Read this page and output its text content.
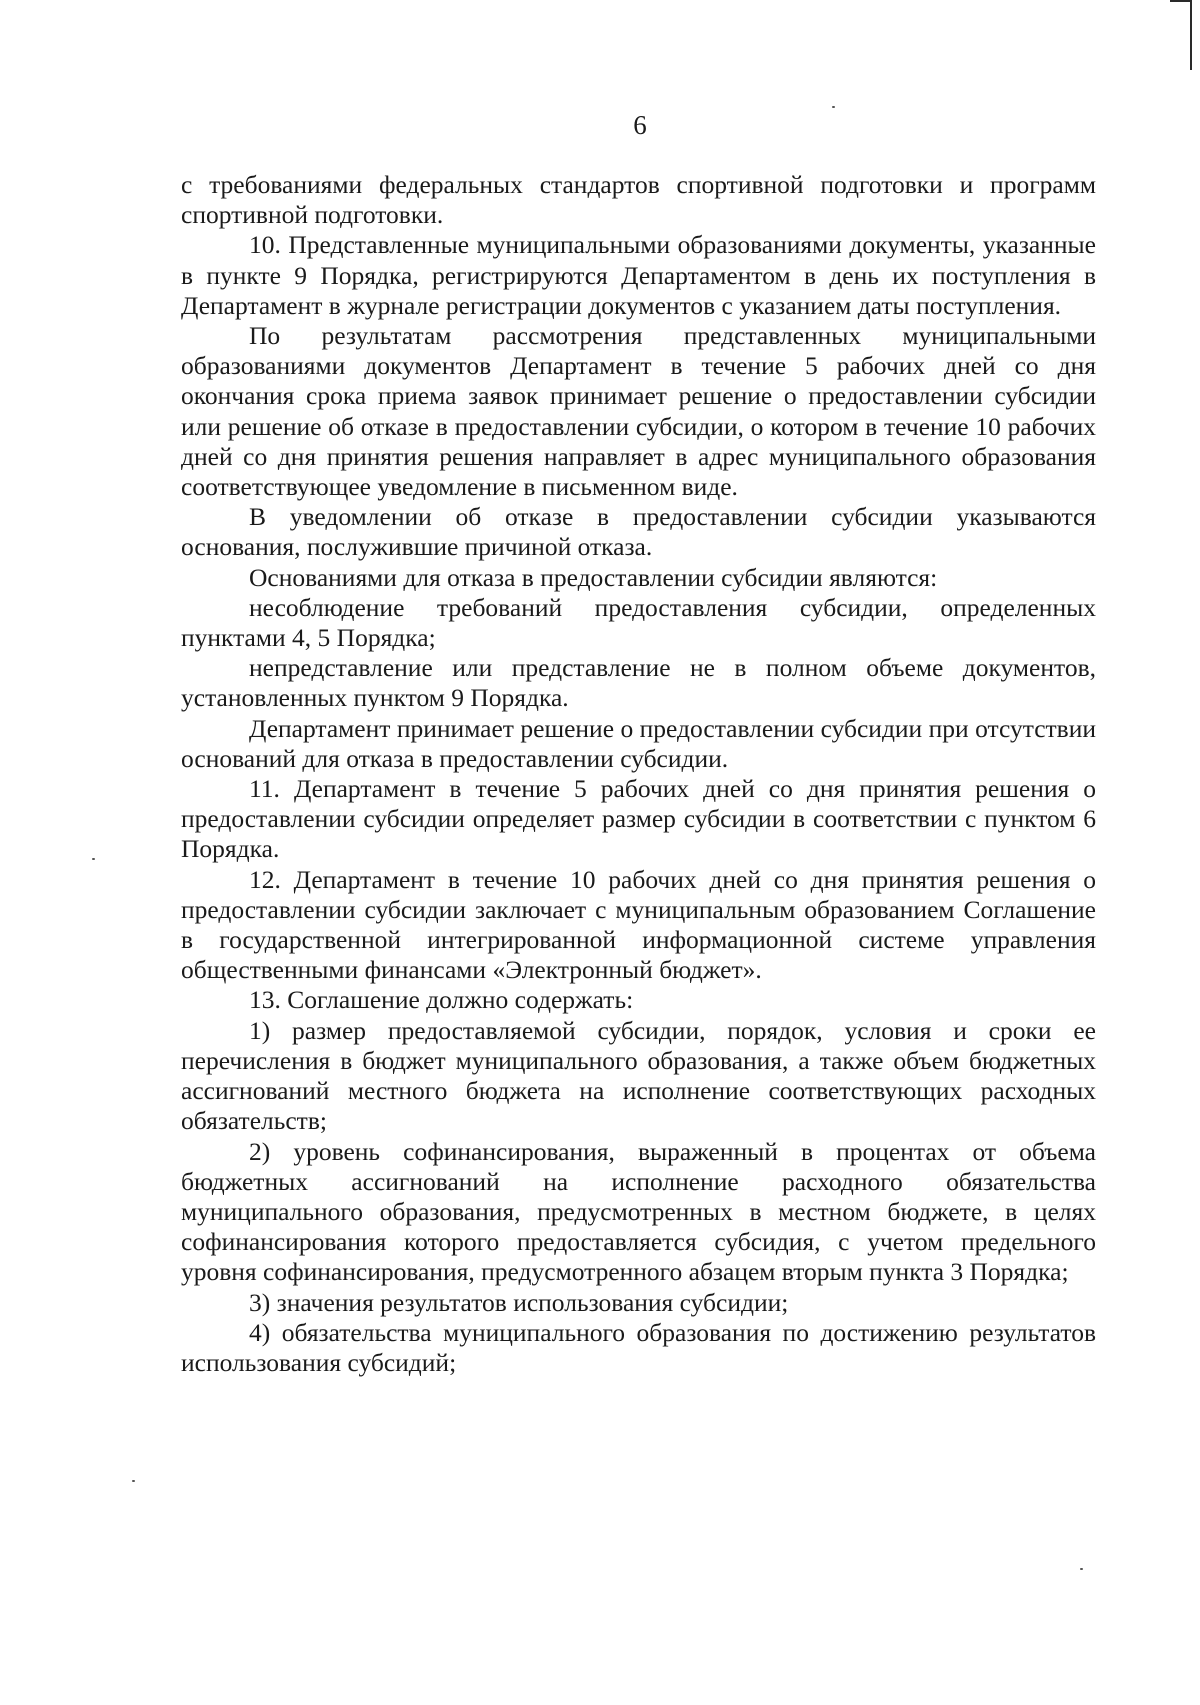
6

с требованиями федеральных стандартов спортивной подготовки и программ спортивной подготовки.

10. Представленные муниципальными образованиями документы, указанные в пункте 9 Порядка, регистрируются Департаментом в день их поступления в Департамент в журнале регистрации документов с указанием даты поступления.

По результатам рассмотрения представленных муниципальными образованиями документов Департамент в течение 5 рабочих дней со дня окончания срока приема заявок принимает решение о предоставлении субсидии или решение об отказе в предоставлении субсидии, о котором в течение 10 рабочих дней со дня принятия решения направляет в адрес муниципального образования соответствующее уведомление в письменном виде.

В уведомлении об отказе в предоставлении субсидии указываются основания, послужившие причиной отказа.

Основаниями для отказа в предоставлении субсидии являются:

несоблюдение требований предоставления субсидии, определенных пунктами 4, 5 Порядка;

непредставление или представление не в полном объеме документов, установленных пунктом 9 Порядка.

Департамент принимает решение о предоставлении субсидии при отсутствии оснований для отказа в предоставлении субсидии.

11. Департамент в течение 5 рабочих дней со дня принятия решения о предоставлении субсидии определяет размер субсидии в соответствии с пунктом 6 Порядка.

12. Департамент в течение 10 рабочих дней со дня принятия решения о предоставлении субсидии заключает с муниципальным образованием Соглашение в государственной интегрированной информационной системе управления общественными финансами «Электронный бюджет».

13. Соглашение должно содержать:

1) размер предоставляемой субсидии, порядок, условия и сроки ее перечисления в бюджет муниципального образования, а также объем бюджетных ассигнований местного бюджета на исполнение соответствующих расходных обязательств;

2) уровень софинансирования, выраженный в процентах от объема бюджетных ассигнований на исполнение расходного обязательства муниципального образования, предусмотренных в местном бюджете, в целях софинансирования которого предоставляется субсидия, с учетом предельного уровня софинансирования, предусмотренного абзацем вторым пункта 3 Порядка;

3) значения результатов использования субсидии;

4) обязательства муниципального образования по достижению результатов использования субсидий;
